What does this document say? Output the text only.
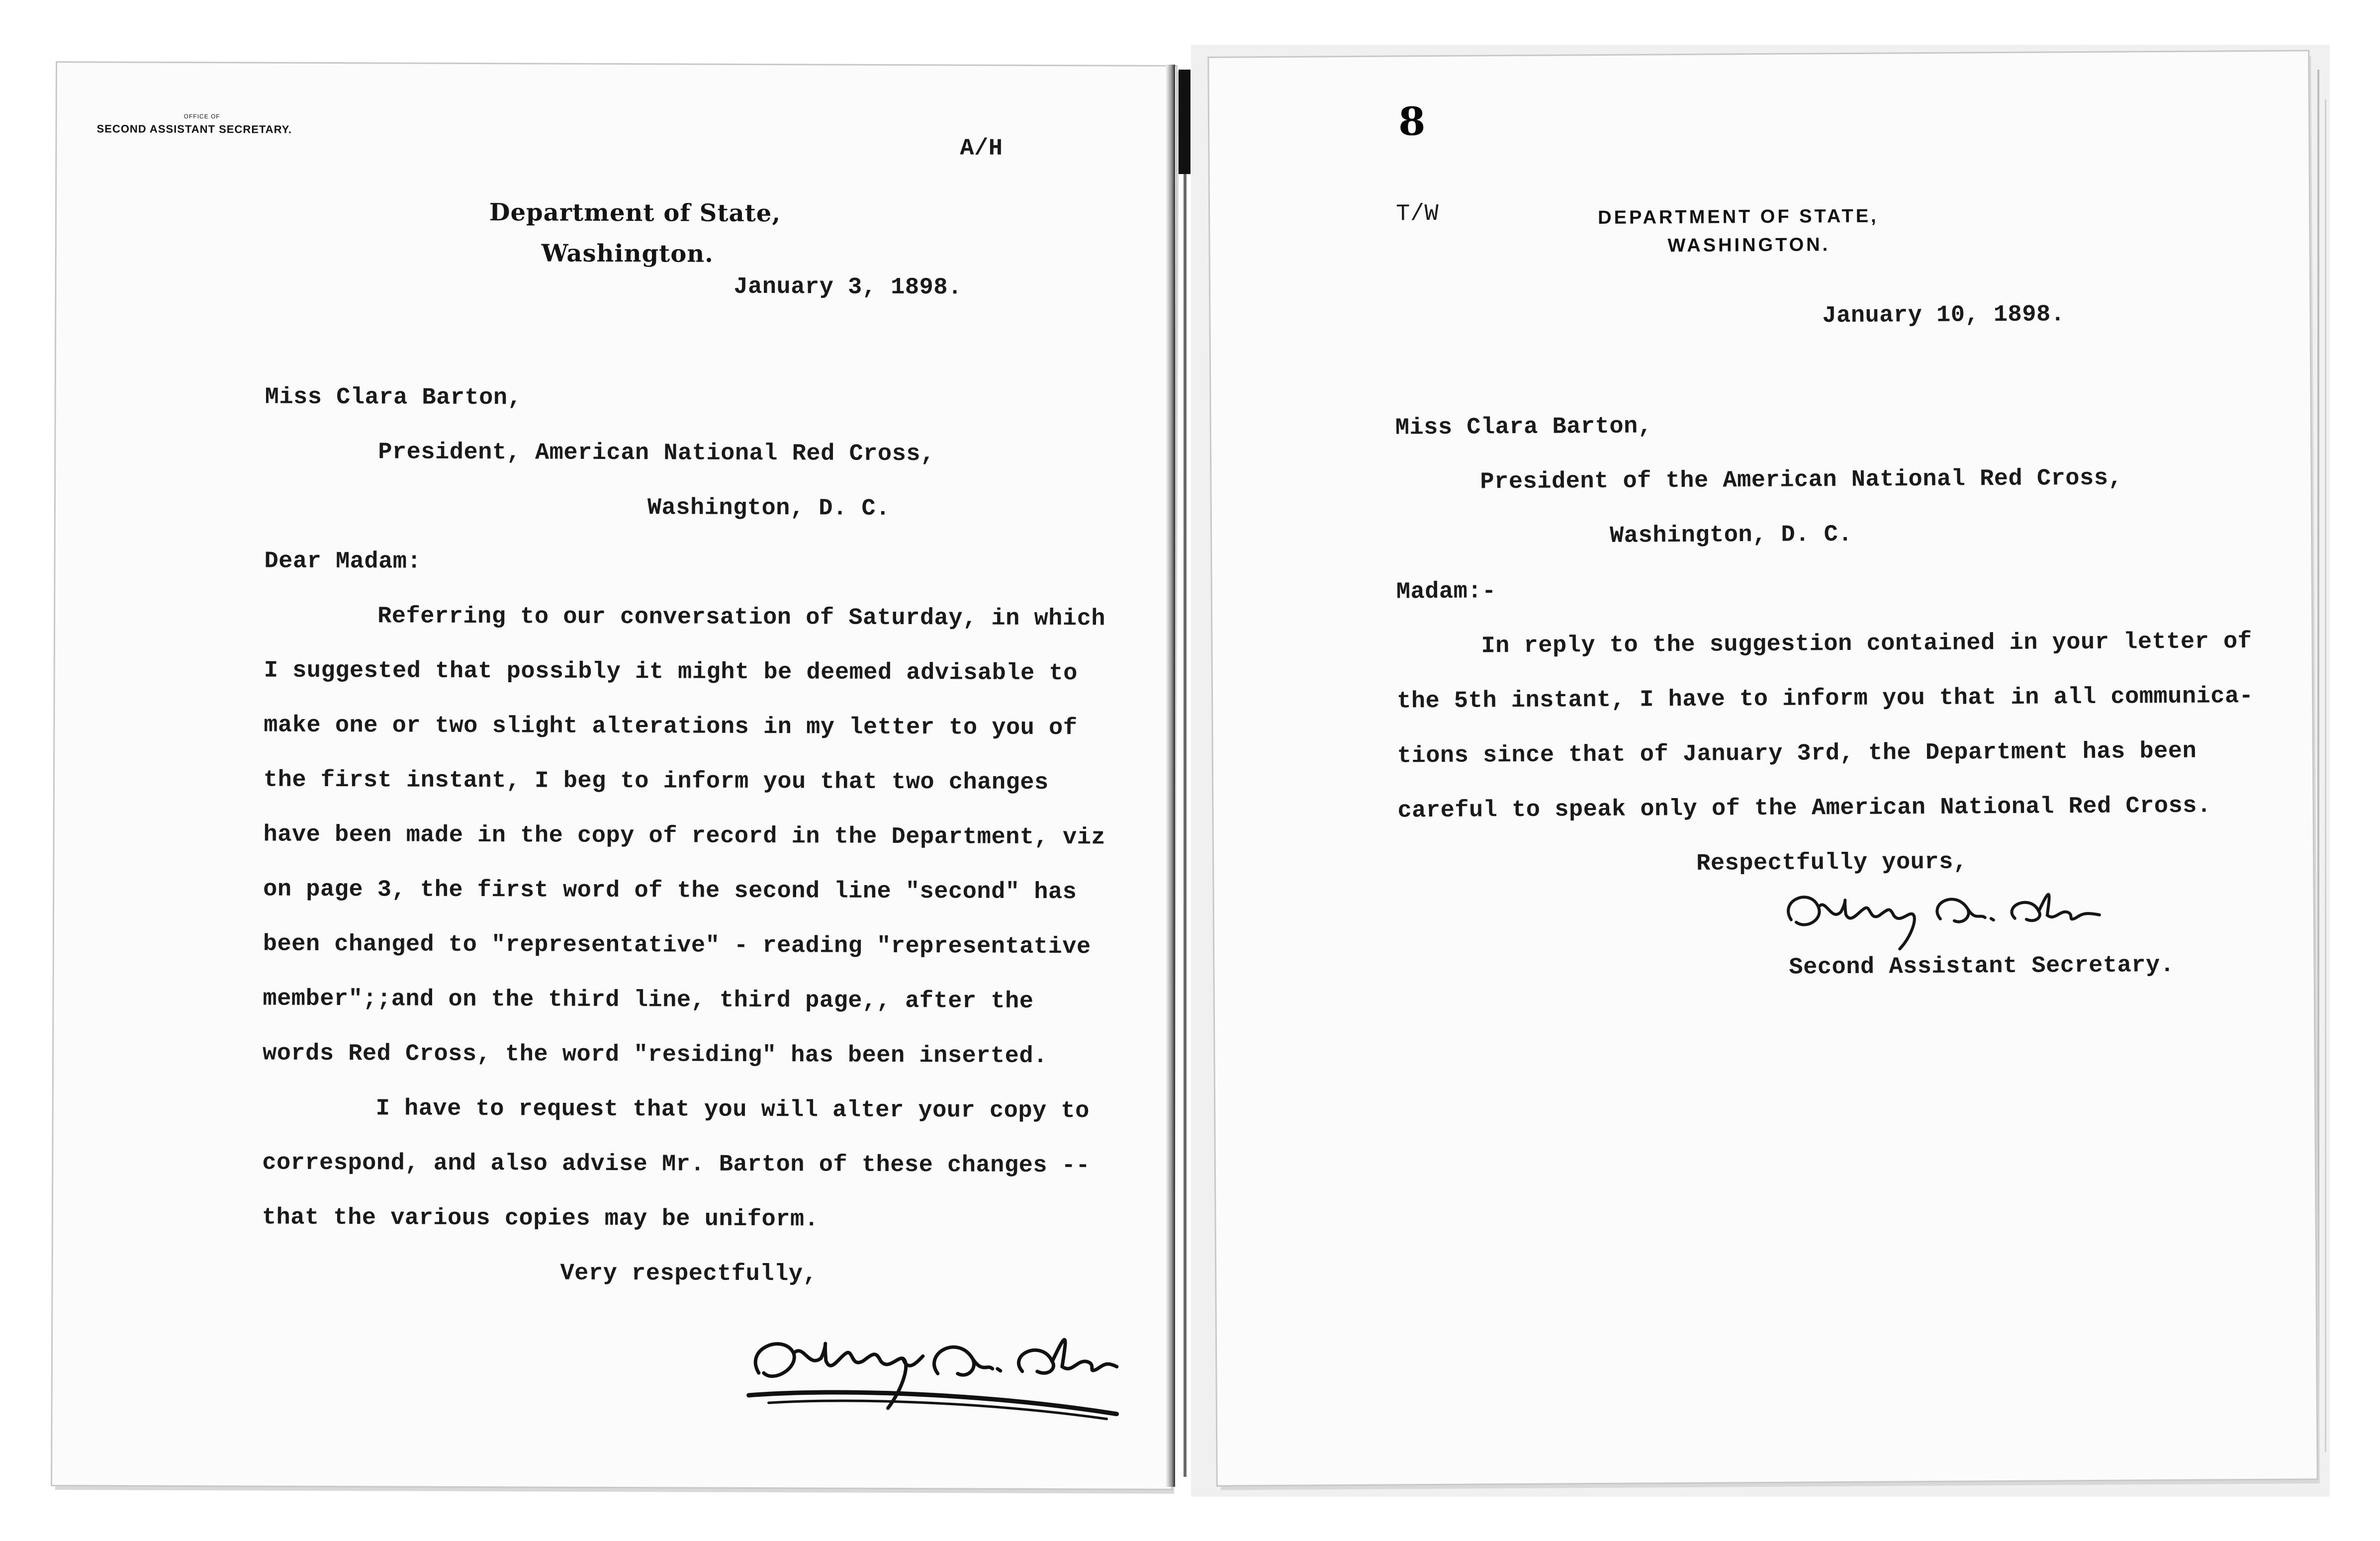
OFFICE OF
SECOND ASSISTANT SECRETARY.
A/H
Department of State,
Washington.
January 3, 1898.
Miss Clara Barton,
President, American National Red Cross,
Washington, D. C.
Dear Madam:
Referring to our conversation of Saturday, in which
I suggested that possibly it might be deemed advisable to
make one or two slight alterations in my letter to you of
the first instant, I beg to inform you that two changes
have been made in the copy of record in the Department, viz
on page 3, the first word of the second line "second" has
been changed to "representative" - reading "representative
member";;and on the third line, third page,, after the
words Red Cross, the word "residing" has been inserted.
I have to request that you will alter your copy to
correspond, and also advise Mr. Barton of these changes --
that the various copies may be uniform.
Very respectfully,
8
T/W	DEPARTMENT OF STATE,
WASHINGTON.
January 10, 1898.
Miss Clara Barton,
President of the American National Red Cross,
Washington, D. C.
Madam:-
In reply to the suggestion contained in your letter of
the 5th instant, I have to inform you that in all communica-
tions since that of January 3rd, the Department has been
careful to speak only of the American National Red Cross.
Respectfully yours,
Second Assistant Secretary.
